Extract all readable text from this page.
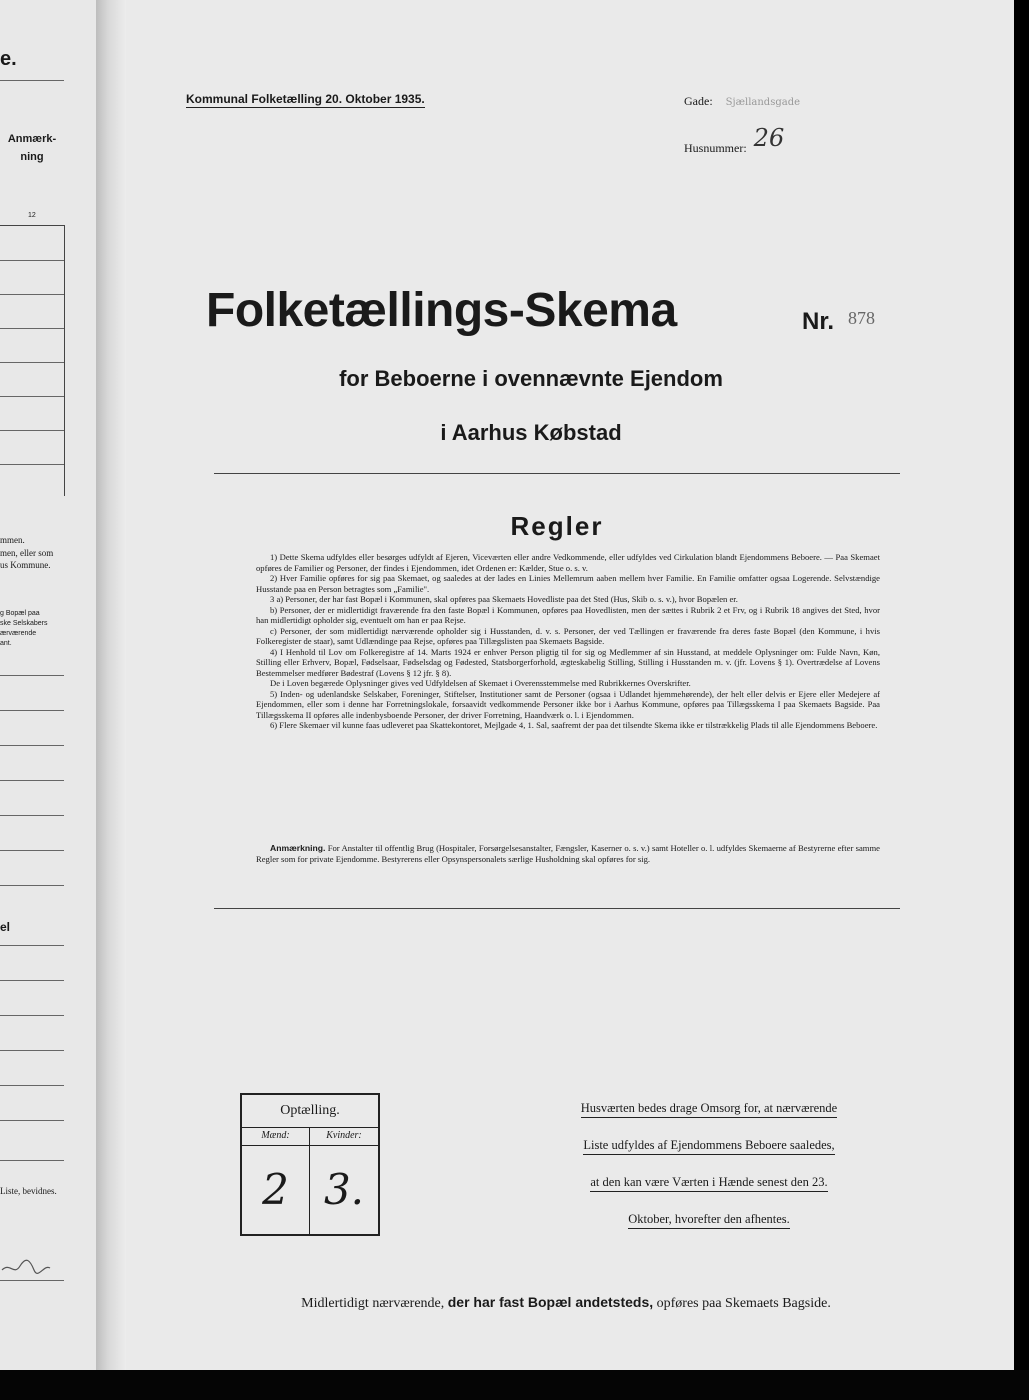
e.
Anmærk-
ning
12
mmen.
men, eller som
us Kommune.
g Bopæl paa
ske Selskabers
ærværende
ant.
el
Liste, bevidnes.
Kommunal Folketælling 20. Oktober 1935.	Gade: Sjællandsgade
Husnummer: 26
Folketællings-Skema	Nr. 878
for Beboerne i ovennævnte Ejendom
i Aarhus Købstad
Regler

1) Dette Skema udfyldes eller besørges udfyldt af Ejeren, Viceværten eller andre Vedkommende, eller udfyldes ved Cirkulation blandt Ejendommens Beboere. — Paa Skemaet opføres de Familier og Personer, der findes i Ejendommen, idet Ordenen er: Kælder, Stue o. s. v.

2) Hver Familie opføres for sig paa Skemaet, og saaledes at der lades en Linies Mellemrum aaben mellem hver Familie. En Familie omfatter ogsaa Logerende. Selvstændige Husstande paa en Person betragtes som „Familie".

3 a) Personer, der har fast Bopæl i Kommunen, skal opføres paa Skemaets Hovedliste paa det Sted (Hus, Skib o. s. v.), hvor Bopælen er.

b) Personer, der er midlertidigt fraværende fra den faste Bopæl i Kommunen, opføres paa Hovedlisten, men der sættes i Rubrik 2 et Frv, og i Rubrik 18 angives det Sted, hvor han midlertidigt opholder sig, eventuelt om han er paa Rejse.

c) Personer, der som midlertidigt nærværende opholder sig i Husstanden, d. v. s. Personer, der ved Tællingen er fraværende fra deres faste Bopæl (den Kommune, i hvis Folkeregister de staar), samt Udlændinge paa Rejse, opføres paa Tillægslisten paa Skemaets Bagside.

4) I Henhold til Lov om Folkeregistre af 14. Marts 1924 er enhver Person pligtig til for sig og Medlemmer af sin Husstand, at meddele Oplysninger om: Fulde Navn, Køn, Stilling eller Erhverv, Bopæl, Fødselsaar, Fødselsdag og Fødested, Statsborgerforhold, ægteskabelig Stilling, Stilling i Husstanden m. v. (jfr. Lovens § 1). Overtrædelse af Lovens Bestemmelser medfører Bødestraf (Lovens § 12 jfr. § 8).

De i Loven begærede Oplysninger gives ved Udfyldelsen af Skemaet i Overensstemmelse med Rubrikkernes Overskrifter.

5) Inden- og udenlandske Selskaber, Foreninger, Stiftelser, Institutioner samt de Personer (ogsaa i Udlandet hjemmehørende), der helt eller delvis er Ejere eller Medejere af Ejendommen, eller som i denne har Forretningslokale, forsaavidt vedkommende Personer ikke bor i Aarhus Kommune, opføres paa Tillægsskema I paa Skemaets Bagside. Paa Tillægsskema II opføres alle indenbysboende Personer, der driver Forretning, Haandværk o. l. i Ejendommen.

6) Flere Skemaer vil kunne faas udleveret paa Skattekontoret, Mejlgade 4, 1. Sal, saafremt der paa det tilsendte Skema ikke er tilstrækkelig Plads til alle Ejendommens Beboere.

Anmærkning. For Anstalter til offentlig Brug (Hospitaler, Forsørgelsesanstalter, Fængsler, Kaserner o. s. v.) samt Hoteller o. l. udfyldes Skemaerne af Bestyrerne efter samme Regler som for private Ejendomme. Bestyrerens eller Opsynspersonalets særlige Husholdning skal opføres for sig.
Optælling.
Mænd:
2
Kvinder:
3.
Husværten bedes drage Omsorg for, at nærværende
Liste udfyldes af Ejendommens Beboere saaledes,
at den kan være Værten i Hænde senest den 23.
Oktober, hvorefter den afhentes.
Midlertidigt nærværende, der har fast Bopæl andetsteds, opføres paa Skemaets Bagside.
